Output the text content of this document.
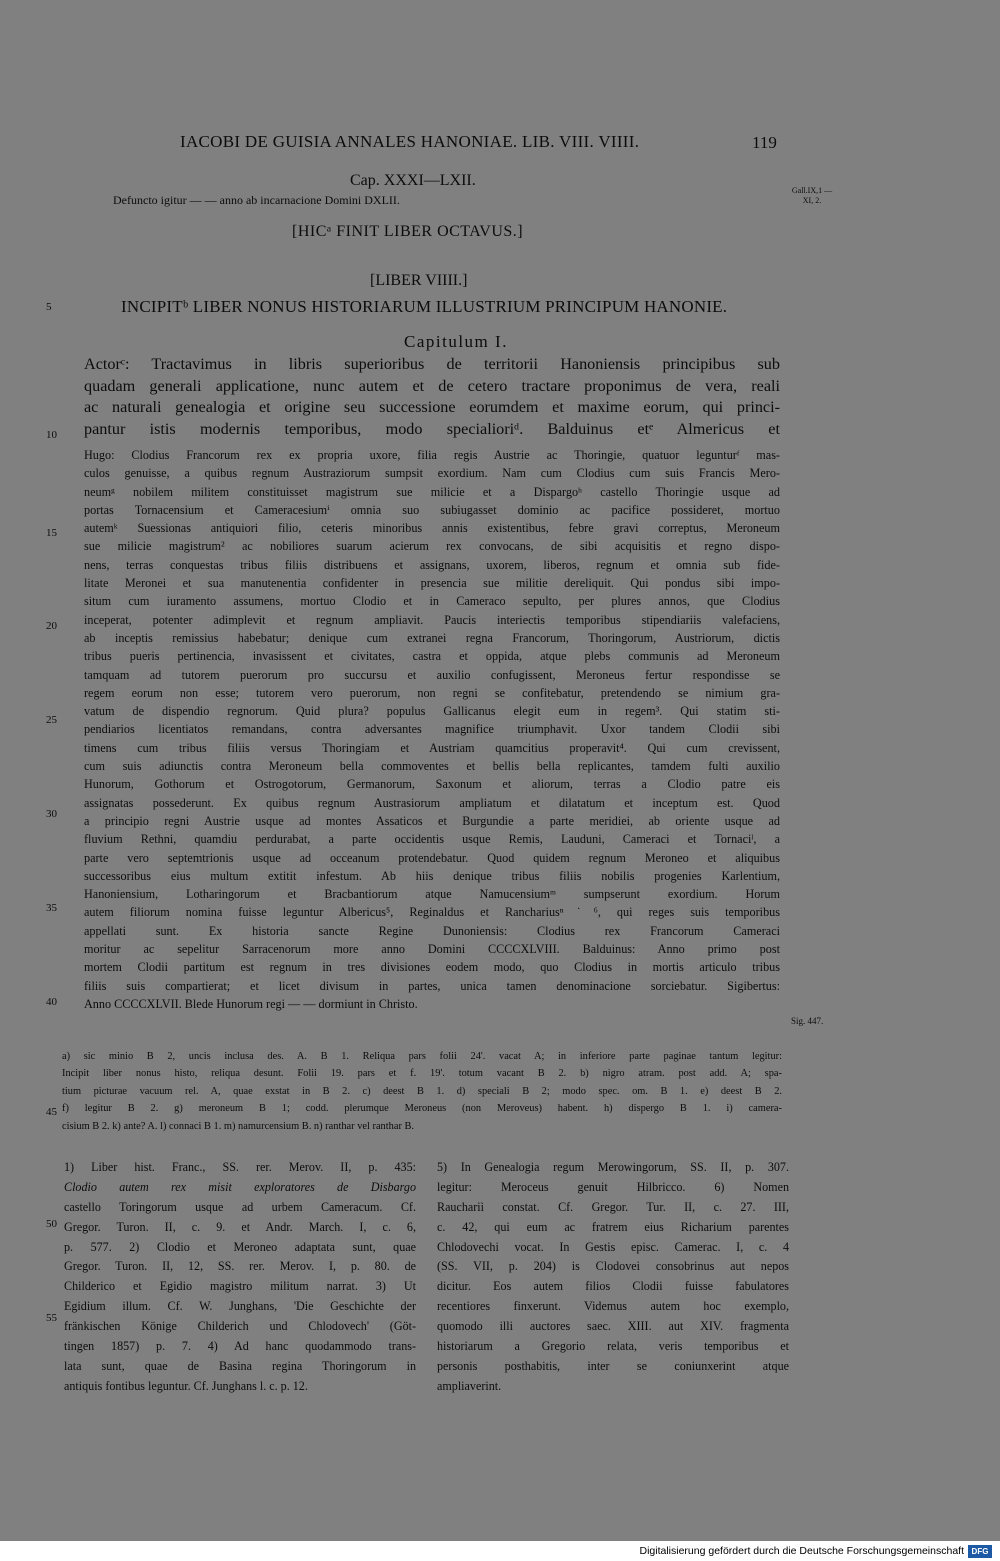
IACOBI DE GUISIA ANNALES HANONIAE. LIB. VIII. VIIII.	119
Cap. XXXI—LXII.
Defuncto igitur — — anno ab incarnacione Domini DXLII.
Gall.IX,1 — XI, 2.
[HICᵃ FINIT LIBER OCTAVUS.]
[LIBER VIIII.]
INCIPITᵇ LIBER NONUS HISTORIARUM ILLUSTRIUM PRINCIPUM HANONIE.
Capitulum I.
5
10
15
20
25
30
35
40
45
50
55
Actorᶜ: Tractavimus in libris superioribus de territorii Hanoniensis principibus sub
quadam generali applicatione, nunc autem et de cetero tractare proponimus de vera, reali
ac naturali genealogia et origine seu successione eorumdem et maxime eorum, qui princi-
pantur istis modernis temporibus, modo specialioriᵈ. Balduinus etᵉ Almericus et
Hugo: Clodius Francorum rex ex propria uxore, filia regis Austrie ac Thoringie, quatuor legunturᶠ mas-
culos genuisse, a quibus regnum Austraziorum sumpsit exordium. Nam cum Clodius cum suis Francis Mero-
neumᵍ nobilem militem constituisset magistrum sue milicie et a Dispargoʰ castello Thoringie usque ad
portas Tornacensium et Cameracesiumⁱ omnia suo subiugasset dominio ac pacifice possideret, mortuo
autemᵏ Suessionas antiquiori filio, ceteris minoribus annis existentibus, febre gravi correptus, Meroneum
sue milicie magistrum² ac nobiliores suarum acierum rex convocans, de sibi acquisitis et regno dispo-
nens, terras conquestas tribus filiis distribuens et assignans, uxorem, liberos, regnum et omnia sub fide-
litate Meronei et sua manutenentia confidenter in presencia sue militie dereliquit. Qui pondus sibi impo-
situm cum iuramento assumens, mortuo Clodio et in Cameraco sepulto, per plures annos, que Clodius
inceperat, potenter adimplevit et regnum ampliavit. Paucis interiectis temporibus stipendiariis valefaciens,
ab inceptis remissius habebatur; denique cum extranei regna Francorum, Thoringorum, Austriorum, dictis
tribus pueris pertinencia, invasissent et civitates, castra et oppida, atque plebs communis ad Meroneum
tamquam ad tutorem puerorum pro succursu et auxilio confugissent, Meroneus fertur respondisse se
regem eorum non esse; tutorem vero puerorum, non regni se confitebatur, pretendendo se nimium gra-
vatum de dispendio regnorum. Quid plura? populus Gallicanus elegit eum in regem³. Qui statim sti-
pendiarios licentiatos remandans, contra adversantes magnifice triumphavit. Uxor tandem Clodii sibi
timens cum tribus filiis versus Thoringiam et Austriam quamcitius properavit⁴. Qui cum crevissent,
cum suis adiunctis contra Meroneum bella commoventes et bellis bella replicantes, tamdem fulti auxilio
Hunorum, Gothorum et Ostrogotorum, Germanorum, Saxonum et aliorum, terras a Clodio patre eis
assignatas possederunt. Ex quibus regnum Austrasiorum ampliatum et dilatatum et inceptum est. Quod
a principio regni Austrie usque ad montes Assaticos et Burgundie a parte meridiei, ab oriente usque ad
fluvium Rethni, quamdiu perdurabat, a parte occidentis usque Remis, Lauduni, Cameraci et Tornaciˡ, a
parte vero septemtrionis usque ad occeanum protendebatur. Quod quidem regnum Meroneo et aliquibus
successoribus eius multum extitit infestum. Ab hiis denique tribus filiis nobilis progenies Karlentium,
Hanoniensium, Lotharingorum et Bracbantiorum atque Namucensiumᵐ sumpserunt exordium. Horum
autem filiorum nomina fuisse leguntur Albericus⁵, Reginaldus et Ranchariusⁿ˙⁶, qui reges suis temporibus
appellati sunt. Ex historia sancte Regine Dunoniensis: Clodius rex Francorum Cameraci
moritur ac sepelitur Sarracenorum more anno Domini CCCCXLVIII. Balduinus: Anno primo post
mortem Clodii partitum est regnum in tres divisiones eodem modo, quo Clodius in mortis articulo tribus
filiis suis compartierat; et licet divisum in partes, unica tamen denominacione sorciebatur. Sigibertus:
Anno CCCCXLVII. Blede Hunorum regi — — dormiunt in Christo.
Sig. 447.
a) sic minio B 2, uncis inclusa des. A. B 1. Reliqua pars folii 24'. vacat A; in inferiore parte paginae tantum legitur:
Incipit liber nonus histo, reliqua desunt. Folii 19. pars et f. 19'. totum vacant B 2. b) nigro atram. post add. A; spa-
tium picturae vacuum rel. A, quae exstat in B 2. c) deest B 1. d) speciali B 2; modo spec. om. B 1. e) deest B 2.
f) legitur B 2. g) meroneum B 1; codd. plerumque Meroneus (non Meroveus) habent. h) dispergo B 1. i) camera-
cisium B 2. k) ante? A. l) connaci B 1. m) namurcensium B. n) ranthar vel ranthar B.
1) Liber hist. Franc., SS. rer. Merov. II, p. 435:
Clodio autem rex misit exploratores de Disbargo
castello Toringorum usque ad urbem Cameracum. Cf.
Gregor. Turon. II, c. 9. et Andr. March. I, c. 6,
p. 577. 2) Clodio et Meroneo adaptata sunt, quae
Gregor. Turon. II, 12, SS. rer. Merov. I, p. 80. de
Childerico et Egidio magistro militum narrat. 3) Ut
Egidium illum. Cf. W. Junghans, 'Die Geschichte der
fränkischen Könige Childerich und Chlodovech' (Göt-
tingen 1857) p. 7. 4) Ad hanc quodammodo trans-
lata sunt, quae de Basina regina Thoringorum in
antiquis fontibus leguntur. Cf. Junghans l. c. p. 12.
5) In Genealogia regum Merowingorum, SS. II, p. 307.
legitur: Meroceus genuit Hilbricco. 6) Nomen
Rauchariì constat. Cf. Gregor. Tur. II, c. 27. III,
c. 42, qui eum ac fratrem eius Richarium parentes
Chlodovechi vocat. In Gestis episc. Camerac. I, c. 4
(SS. VII, p. 204) is Clodovei consobrinus aut nepos
dicitur. Eos autem filios Clodii fuisse fabulatores
recentiores finxerunt. Videmus autem hoc exemplo,
quomodo illi auctores saec. XIII. aut XIV. fragmenta
historiarum a Gregorio relata, veris temporibus et
personis posthabitis, inter se coniunxerint atque
ampliaverint.
Digitalisierung gefördert durch die Deutsche Forschungsgemeinschaft DFG
